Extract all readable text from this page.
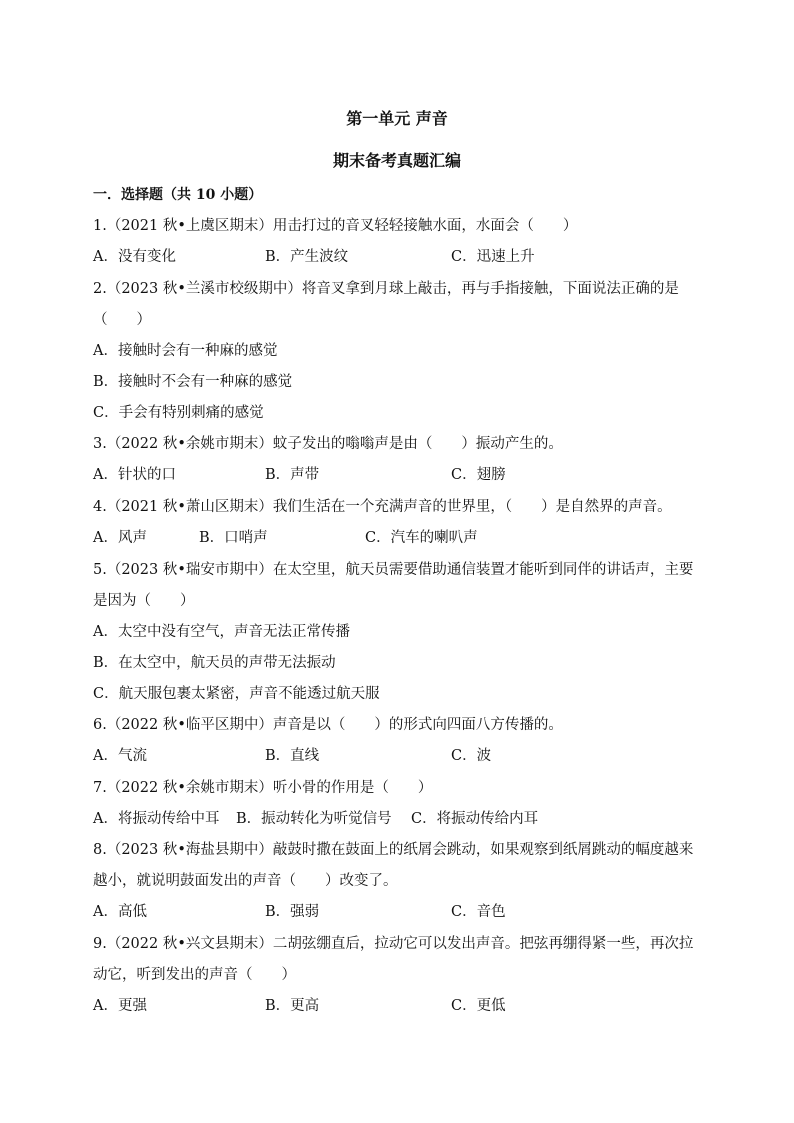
第一单元 声音
期末备考真题汇编
一．选择题（共 10 小题）
1.（2021 秋•上虞区期末）用击打过的音叉轻轻接触水面，水面会（　　）
A．没有变化	B．产生波纹	C．迅速上升
2.（2023 秋•兰溪市校级期中）将音叉拿到月球上敲击，再与手指接触，下面说法正确的是
（　　）
A．接触时会有一种麻的感觉
B．接触时不会有一种麻的感觉
C．手会有特别刺痛的感觉
3.（2022 秋•余姚市期末）蚊子发出的嗡嗡声是由（　　）振动产生的。
A．针状的口	B．声带	C．翅膀
4.（2021 秋•萧山区期末）我们生活在一个充满声音的世界里，（　　）是自然界的声音。
A．风声	B．口哨声	C．汽车的喇叭声
5.（2023 秋•瑞安市期中）在太空里，航天员需要借助通信装置才能听到同伴的讲话声，主要
是因为（　　）
A．太空中没有空气，声音无法正常传播
B．在太空中，航天员的声带无法振动
C．航天服包裹太紧密，声音不能透过航天服
6.（2022 秋•临平区期中）声音是以（　　）的形式向四面八方传播的。
A．气流	B．直线	C．波
7.（2022 秋•余姚市期末）听小骨的作用是（　　）
A．将振动传给中耳 B．振动转化为听觉信号 C．将振动传给内耳
8.（2023 秋•海盐县期中）敲鼓时撒在鼓面上的纸屑会跳动，如果观察到纸屑跳动的幅度越来
越小，就说明鼓面发出的声音（　　）改变了。
A．高低	B．强弱	C．音色
9.（2022 秋•兴文县期末）二胡弦绷直后，拉动它可以发出声音。把弦再绷得紧一些，再次拉
动它，听到发出的声音（　　）
A．更强	B．更高	C．更低
